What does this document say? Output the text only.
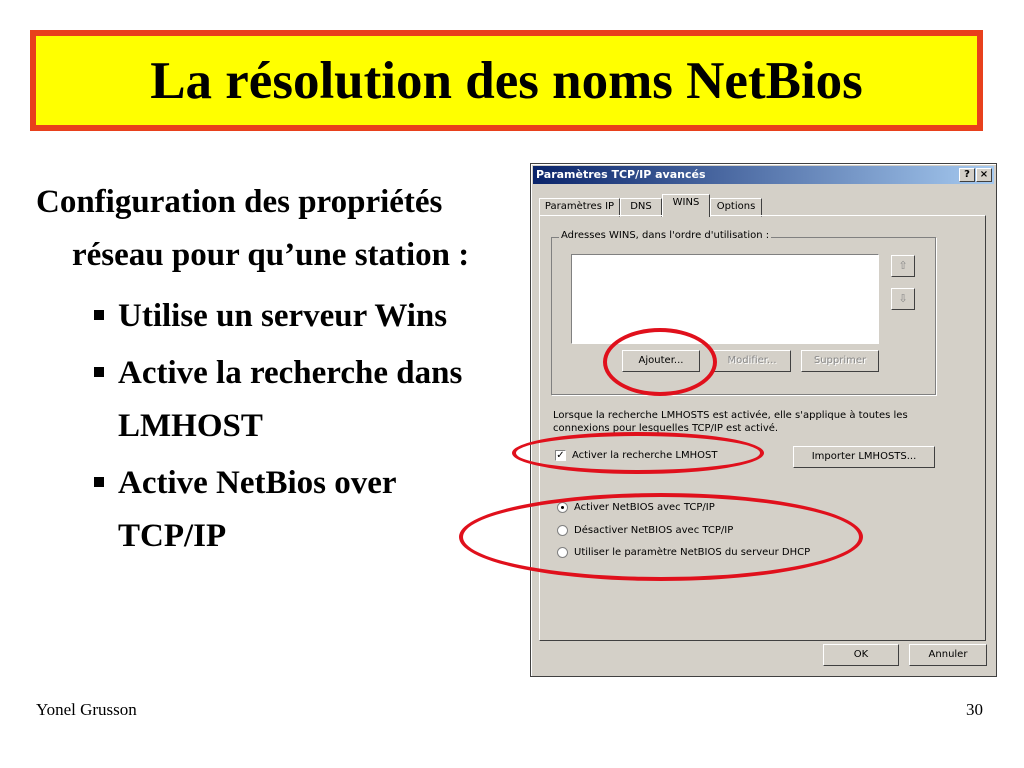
La résolution des noms NetBios
Configuration des propriétés réseau pour qu’une station :
Utilise un serveur Wins
Active la recherche dans LMHOST
Active NetBios over TCP/IP
Paramètres TCP/IP avancés	? ×
Paramètres IP	DNS	WINS	Options
Adresses WINS, dans l'ordre d'utilisation :
⇧
⇩
Ajouter...	Modifier...	Supprimer
Lorsque la recherche LMHOSTS est activée, elle s'applique à toutes les connexions pour lesquelles TCP/IP est activé.
✓ Activer la recherche LMHOST	Importer LMHOSTS...
Activer NetBIOS avec TCP/IP
Désactiver NetBIOS avec TCP/IP
Utiliser le paramètre NetBIOS du serveur DHCP
OK	Annuler
Yonel Grusson	30
